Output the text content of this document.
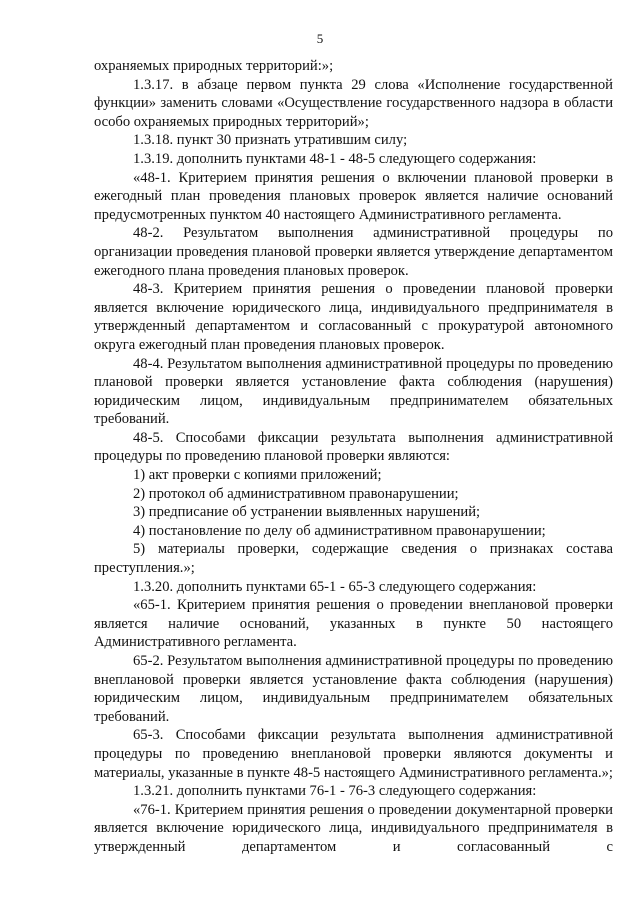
5

охраняемых природных территорий:»;

1.3.17. в абзаце первом пункта 29 слова «Исполнение государственной функции» заменить словами «Осуществление государственного надзора в области особо охраняемых природных территорий»;

1.3.18. пункт 30 признать утратившим силу;

1.3.19. дополнить пунктами 48-1 - 48-5 следующего содержания:

«48-1. Критерием принятия решения о включении плановой проверки в ежегодный план проведения плановых проверок является наличие оснований предусмотренных пунктом 40 настоящего Административного регламента.

48-2. Результатом выполнения административной процедуры по организации проведения плановой проверки является утверждение департаментом ежегодного плана проведения плановых проверок.

48-3. Критерием принятия решения о проведении плановой проверки является включение юридического лица, индивидуального предпринимателя в утвержденный департаментом и согласованный с прокуратурой автономного округа ежегодный план проведения плановых проверок.

48-4. Результатом выполнения административной процедуры по проведению плановой проверки является установление факта соблюдения (нарушения) юридическим лицом, индивидуальным предпринимателем обязательных требований.

48-5. Способами фиксации результата выполнения административной процедуры по проведению плановой проверки являются:

1) акт проверки с копиями приложений;

2) протокол об административном правонарушении;

3) предписание об устранении выявленных нарушений;

4) постановление по делу об административном правонарушении;

5) материалы проверки, содержащие сведения о признаках состава преступления.»;

1.3.20. дополнить пунктами 65-1 - 65-3 следующего содержания:

«65-1. Критерием принятия решения о проведении внеплановой проверки является наличие оснований, указанных в пункте 50 настоящего Административного регламента.

65-2. Результатом выполнения административной процедуры по проведению внеплановой проверки является установление факта соблюдения (нарушения) юридическим лицом, индивидуальным предпринимателем обязательных требований.

65-3. Способами фиксации результата выполнения административной процедуры по проведению внеплановой проверки являются документы и материалы, указанные в пункте 48-5 настоящего Административного регламента.»;

1.3.21. дополнить пунктами 76-1 - 76-3 следующего содержания:

«76-1. Критерием принятия решения о проведении документарной проверки является включение юридического лица, индивидуального предпринимателя в утвержденный департаментом и согласованный с
